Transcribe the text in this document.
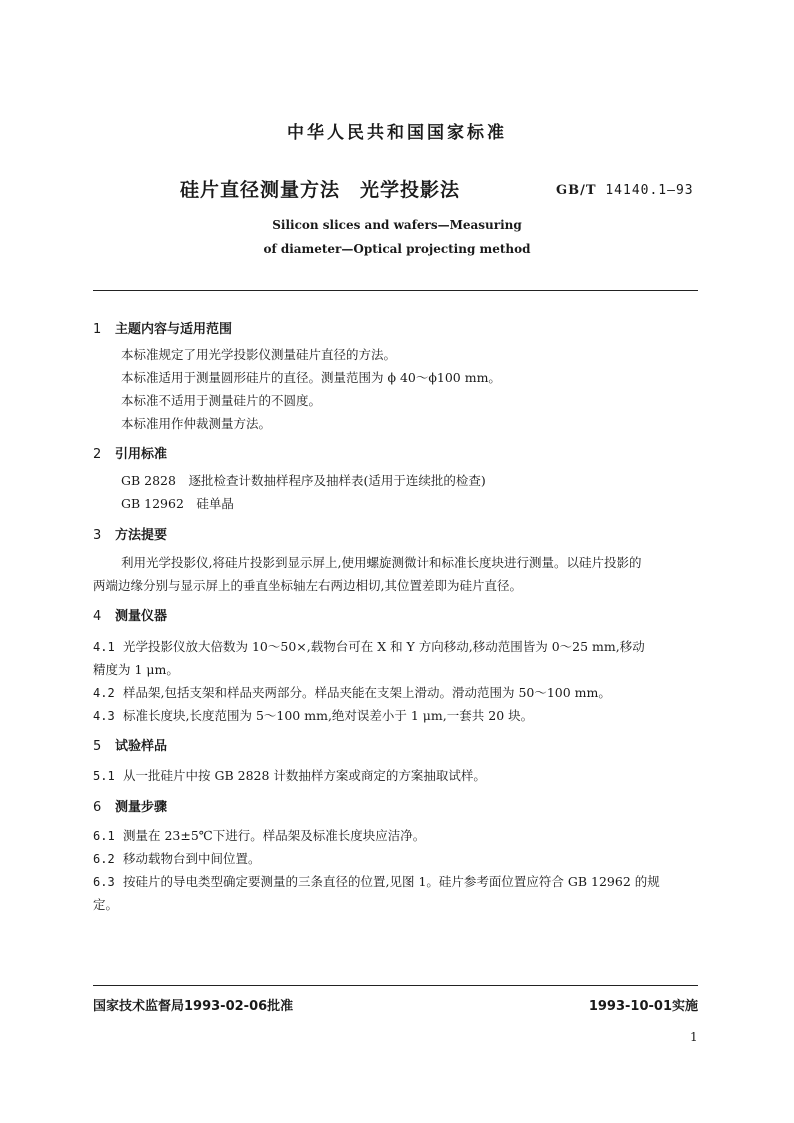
中华人民共和国国家标准
硅片直径测量方法　光学投影法	GB/T 14140.1—93
Silicon slices and wafers—Measuring
of diameter—Optical projecting method
1 主题内容与适用范围
本标准规定了用光学投影仪测量硅片直径的方法。
本标准适用于测量圆形硅片的直径。测量范围为 ϕ 40～ϕ100 mm。
本标准不适用于测量硅片的不圆度。
本标准用作仲裁测量方法。
2 引用标准
GB 2828　逐批检查计数抽样程序及抽样表(适用于连续批的检查)
GB 12962　硅单晶
3 方法提要
利用光学投影仪,将硅片投影到显示屏上,使用螺旋测微计和标准长度块进行测量。以硅片投影的
两端边缘分别与显示屏上的垂直坐标轴左右两边相切,其位置差即为硅片直径。
4 测量仪器
4.1 光学投影仪放大倍数为 10～50×,载物台可在 X 和 Y 方向移动,移动范围皆为 0～25 mm,移动
精度为 1 μm。
4.2 样品架,包括支架和样品夹两部分。样品夹能在支架上滑动。滑动范围为 50～100 mm。
4.3 标准长度块,长度范围为 5～100 mm,绝对误差小于 1 μm,一套共 20 块。
5 试验样品
5.1 从一批硅片中按 GB 2828 计数抽样方案或商定的方案抽取试样。
6 测量步骤
6.1 测量在 23±5℃下进行。样品架及标准长度块应洁净。
6.2 移动载物台到中间位置。
6.3 按硅片的导电类型确定要测量的三条直径的位置,见图 1。硅片参考面位置应符合 GB 12962 的规
定。
国家技术监督局1993-02-06批准	1993-10-01实施
1
